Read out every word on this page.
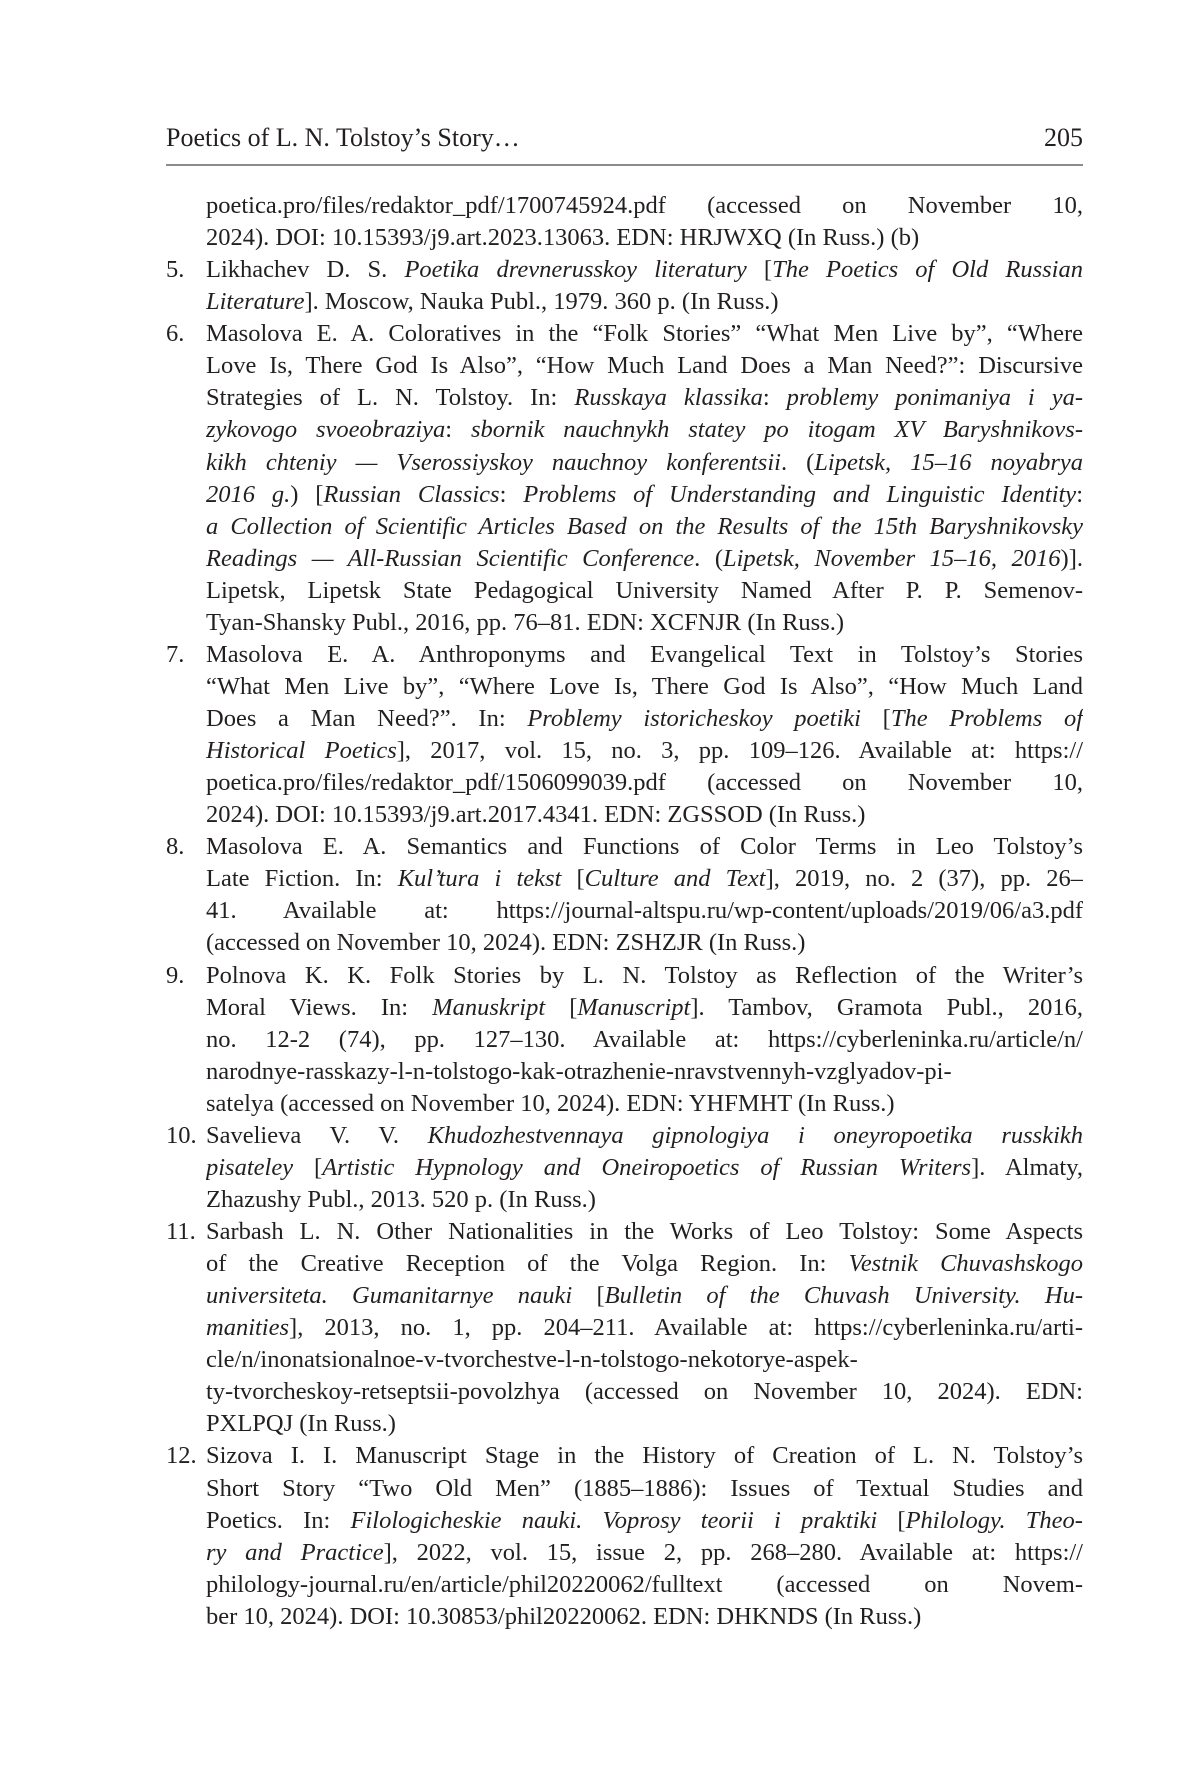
Poetics of L. N. Tolstoy’s Story…	205
poetica.pro/files/redaktor_pdf/1700745924.pdf (accessed on November 10,
2024). DOI: 10.15393/j9.art.2023.13063. EDN: HRJWXQ (In Russ.) (b)
5. Likhachev D. S. Poetika drevnerusskoy literatury [The Poetics of Old Russian
Literature]. Moscow, Nauka Publ., 1979. 360 p. (In Russ.)
6. Masolova E. A. Coloratives in the “Folk Stories” “What Men Live by”, “Where
Love Is, There God Is Also”, “How Much Land Does a Man Need?”: Discursive
Strategies of L. N. Tolstoy. In: Russkaya klassika: problemy ponimaniya i ya-
zykovogo svoeobraziya: sbornik nauchnykh statey po itogam XV Baryshnikovs-
kikh chteniy — Vserossiyskoy nauchnoy konferentsii. (Lipetsk, 15–16 noyabrya
2016 g.) [Russian Classics: Problems of Understanding and Linguistic Identity:
a Collection of Scientific Articles Based on the Results of the 15th Baryshnikovsky
Readings — All-Russian Scientific Conference. (Lipetsk, November 15–16, 2016)].
Lipetsk, Lipetsk State Pedagogical University Named After P. P. Semenov-
Tyan-Shansky Publ., 2016, pp. 76–81. EDN: XCFNJR (In Russ.)
7. Masolova E. A. Anthroponyms and Evangelical Text in Tolstoy’s Stories
“What Men Live by”, “Where Love Is, There God Is Also”, “How Much Land
Does a Man Need?”. In: Problemy istoricheskoy poetiki [The Problems of
Historical Poetics], 2017, vol. 15, no. 3, pp. 109–126. Available at: https://
poetica.pro/files/redaktor_pdf/1506099039.pdf (accessed on November 10,
2024). DOI: 10.15393/j9.art.2017.4341. EDN: ZGSSOD (In Russ.)
8. Masolova E. A. Semantics and Functions of Color Terms in Leo Tolstoy’s
Late Fiction. In: Kul’tura i tekst [Culture and Text], 2019, no. 2 (37), pp. 26–
41. Available at: https://journal-altspu.ru/wp-content/uploads/2019/06/a3.pdf
(accessed on November 10, 2024). EDN: ZSHZJR (In Russ.)
9. Polnova K. K. Folk Stories by L. N. Tolstoy as Reflection of the Writer’s
Moral Views. In: Manuskript [Manuscript]. Tambov, Gramota Publ., 2016,
no. 12-2 (74), pp. 127–130. Available at: https://cyberleninka.ru/article/n/
narodnye-rasskazy-l-n-tolstogo-kak-otrazhenie-nravstvennyh-vzglyadov-pi-
satelya (accessed on November 10, 2024). EDN: YHFMHT (In Russ.)
10. Savelieva V. V. Khudozhestvennaya gipnologiya i oneyropoetika russkikh
pisateley [Artistic Hypnology and Oneiropoetics of Russian Writers]. Almaty,
Zhazushy Publ., 2013. 520 p. (In Russ.)
11. Sarbash L. N. Other Nationalities in the Works of Leo Tolstoy: Some Aspects
of the Creative Reception of the Volga Region. In: Vestnik Chuvashskogo
universiteta. Gumanitarnye nauki [Bulletin of the Chuvash University. Hu-
manities], 2013, no. 1, pp. 204–211. Available at: https://cyberleninka.ru/arti-
cle/n/inonatsionalnoe-v-tvorchestve-l-n-tolstogo-nekotorye-aspek-
ty-tvorcheskoy-retseptsii-povolzhya (accessed on November 10, 2024). EDN:
PXLPQJ (In Russ.)
12. Sizova I. I. Manuscript Stage in the History of Creation of L. N. Tolstoy’s
Short Story “Two Old Men” (1885–1886): Issues of Textual Studies and
Poetics. In: Filologicheskie nauki. Voprosy teorii i praktiki [Philology. Theo-
ry and Practice], 2022, vol. 15, issue 2, pp. 268–280. Available at: https://
philology-journal.ru/en/article/phil20220062/fulltext (accessed on Novem-
ber 10, 2024). DOI: 10.30853/phil20220062. EDN: DHKNDS (In Russ.)
